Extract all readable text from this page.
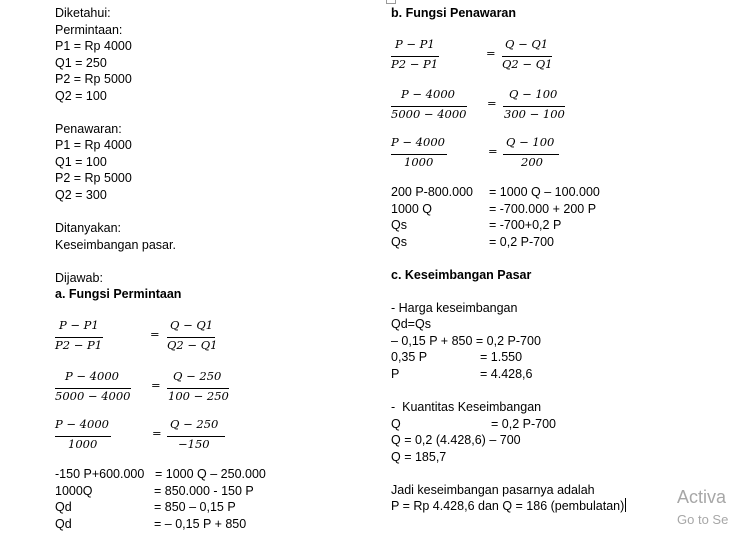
Diketahui:
Permintaan:
P1 = Rp 4000
Q1 = 250
P2 = Rp 5000
Q2 = 100
Penawaran:
P1 = Rp 4000
Q1 = 100
P2 = Rp 5000
Q2 = 300
Ditanyakan:
Keseimbangan pasar.
Dijawab:
a. Fungsi Permintaan
P − P1
P2 − P1
=
Q − Q1
Q2 − Q1
P − 4000
5000 − 4000
=
Q − 250
100 − 250
P − 4000
1000
=
Q − 250
−150
-150 P+600.000 = 1000 Q – 250.000
1000Q	= 850.000 - 150 P
Qd	= 850 – 0,15 P
Qd	= – 0,15 P + 850
b. Fungsi Penawaran
P − P1
P2 − P1
=
Q − Q1
Q2 − Q1
P − 4000
5000 − 4000
=
Q − 100
300 − 100
P − 4000
1000
=
Q − 100
200
200 P-800.000 = 1000 Q – 100.000
1000 Q	= -700.000 + 200 P
Qs	= -700+0,2 P
Qs	= 0,2 P-700
c. Keseimbangan Pasar
- Harga keseimbangan
Qd=Qs
– 0,15 P + 850 = 0,2 P-700
0,35 P	= 1.550
P	= 4.428,6
-  Kuantitas Keseimbangan
Q	= 0,2 P-700
Q = 0,2 (4.428,6) – 700
Q = 185,7
Jadi keseimbangan pasarnya adalah
P = Rp 4.428,6 dan Q = 186 (pembulatan)	Activa
Go to Se
